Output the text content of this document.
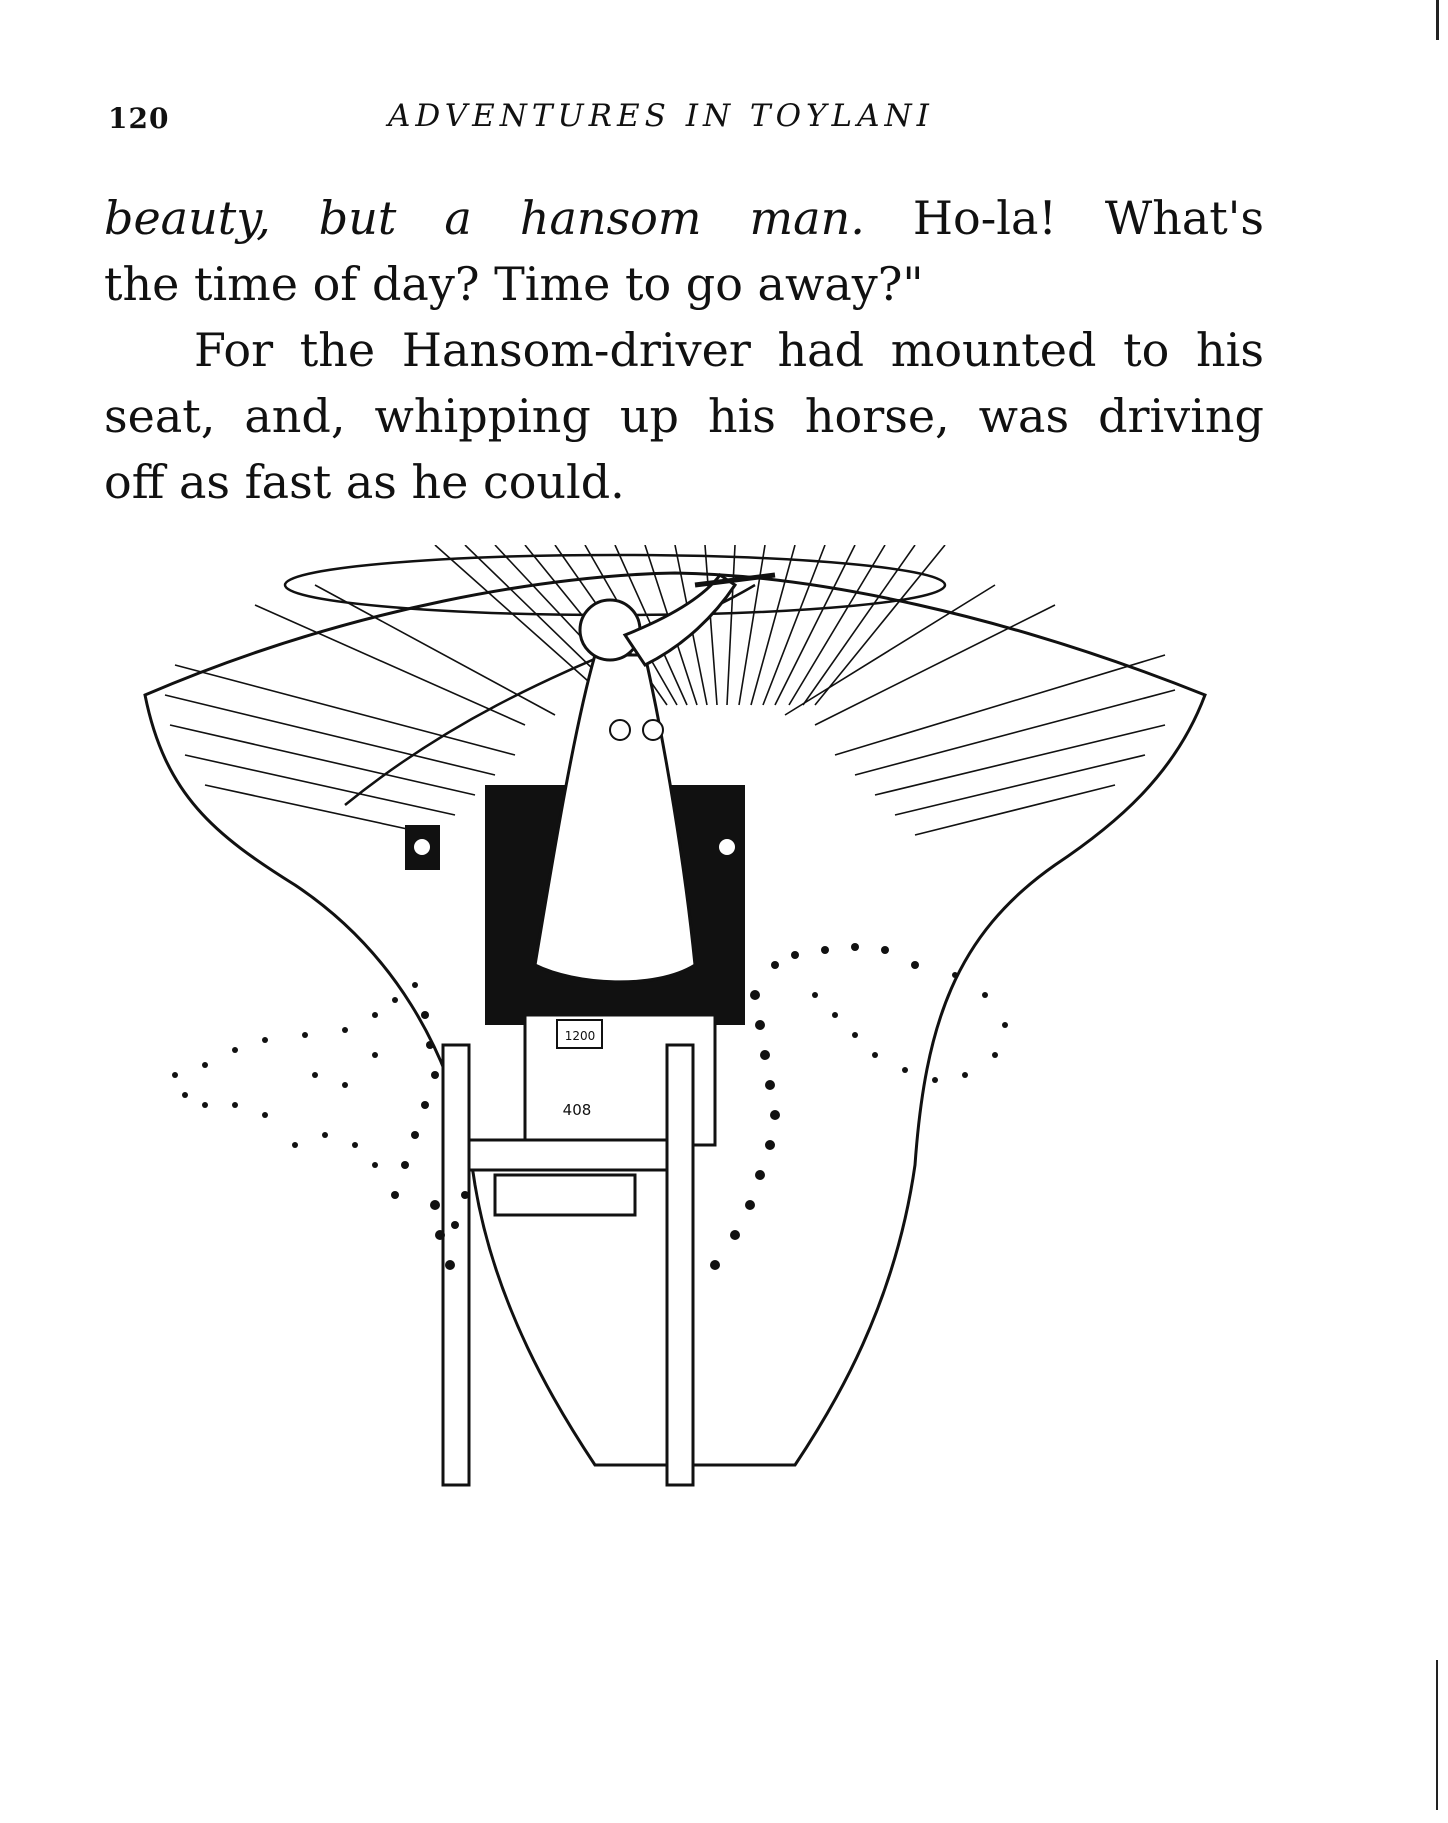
120	ADVENTURES IN TOYLANI
beauty, but a hansom man. Ho-la! What's
the time of day? Time to go away?"
For the Hansom-driver had mounted to his
seat, and, whipping up his horse, was driving
off as fast as he could.
1200
408
